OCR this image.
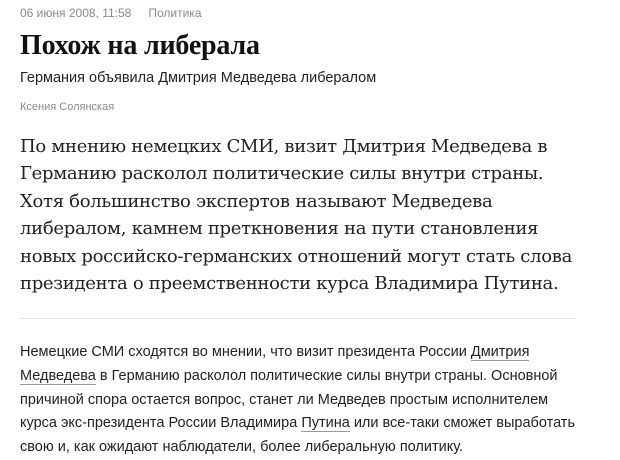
06 июня 2008, 11:58 Политика
Похож на либерала

Германия объявила Дмитрия Медведева либералом

Ксения Солянская

По мнению немецких СМИ, визит Дмитрия Медведева в Германию расколол политические силы внутри страны. Хотя большинство экспертов называют Медведева либералом, камнем преткновения на пути становления новых российско-германских отношений могут стать слова президента о преемственности курса Владимира Путина.

Немецкие СМИ сходятся во мнении, что визит президента России Дмитрия Медведева в Германию расколол политические силы внутри страны. Основной причиной спора остается вопрос, станет ли Медведев простым исполнителем курса экс-президента России Владимира Путина или все-таки сможет выработать свою и, как ожидают наблюдатели, более либеральную политику.
